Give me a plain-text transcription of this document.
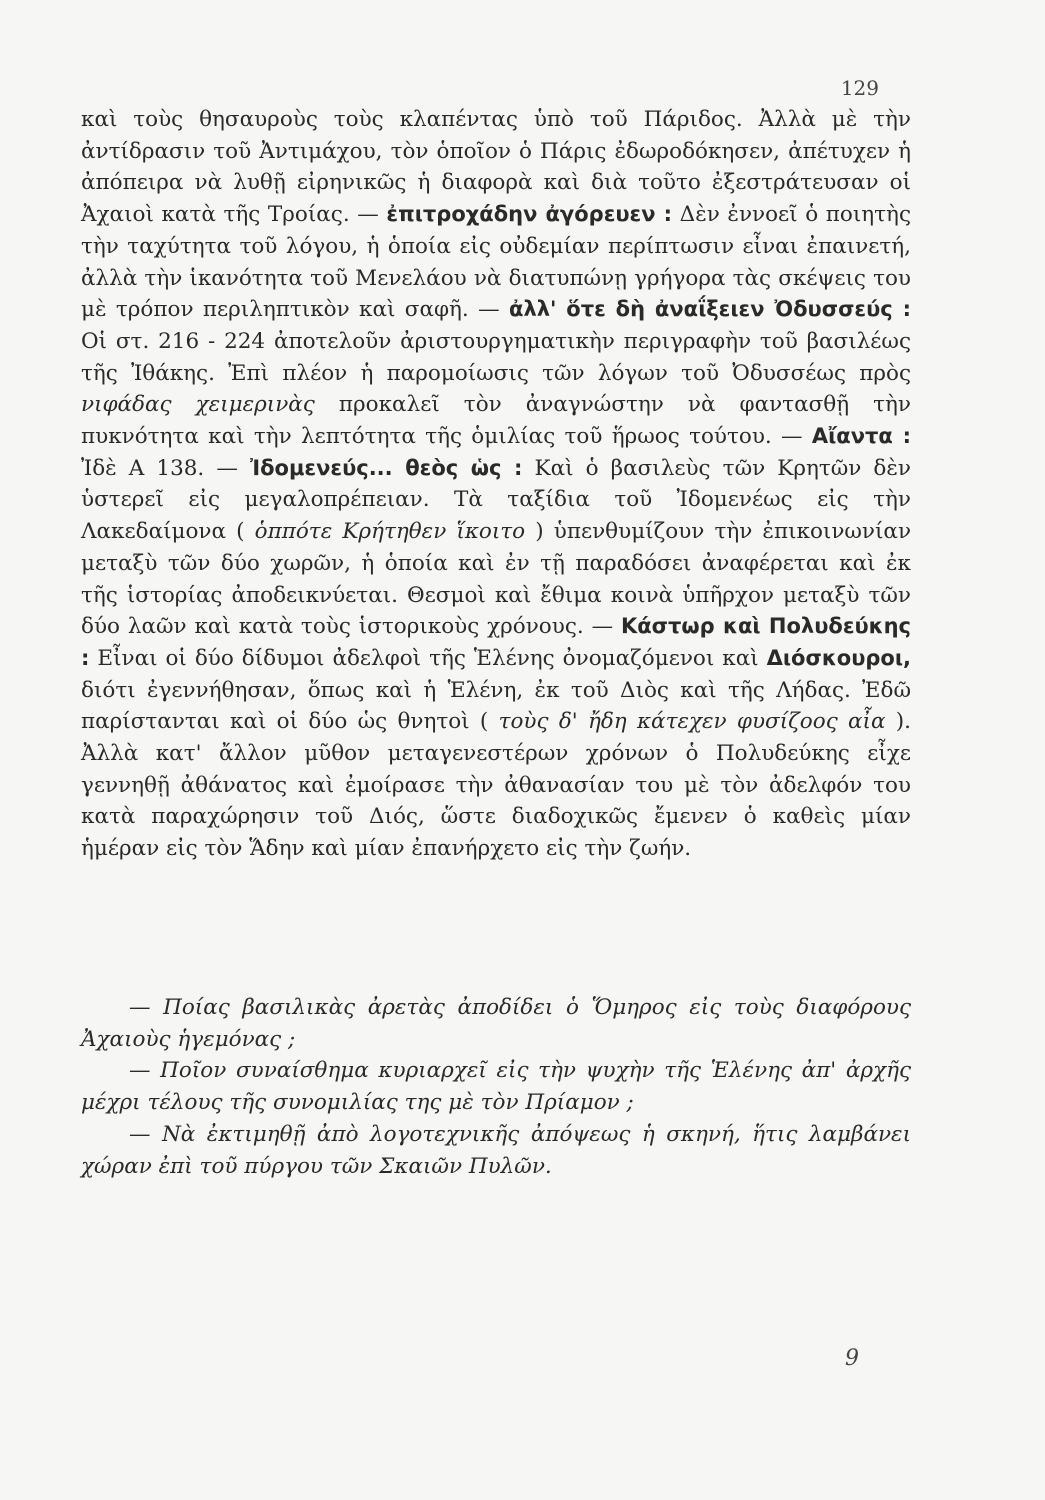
129
καὶ τοὺς θησαυροὺς τοὺς κλαπέντας ὑπὸ τοῦ Πάριδος. Ἀλλὰ μὲ τὴν ἀντίδρασιν τοῦ Ἀντιμάχου, τὸν ὁποῖον ὁ Πάρις ἐδωροδόκησεν, ἀπέτυχεν ἡ ἀπόπειρα νὰ λυθῇ εἰρηνικῶς ἡ διαφορὰ καὶ διὰ τοῦτο ἐξεστράτευσαν οἱ Ἀχαιοὶ κατὰ τῆς Τροίας. — ἐπιτροχάδην ἀγόρευεν : Δὲν ἐννοεῖ ὁ ποιητὴς τὴν ταχύτητα τοῦ λόγου, ἡ ὁποία εἰς οὐδεμίαν περίπτωσιν εἶναι ἐπαινετή, ἀλλὰ τὴν ἱκανότητα τοῦ Μενελάου νὰ διατυπώνῃ γρήγορα τὰς σκέψεις του μὲ τρόπον περιληπτικὸν καὶ σαφῆ. — ἀλλ' ὅτε δὴ ἀναΐξειεν Ὀδυσσεύς : Οἱ στ. 216 - 224 ἀποτελοῦν ἀριστουργηματικὴν περιγραφὴν τοῦ βασιλέως τῆς Ἰθάκης. Ἐπὶ πλέον ἡ παρομοίωσις τῶν λόγων τοῦ Ὀδυσσέως πρὸς νιφάδας χειμερινὰς προκαλεῖ τὸν ἀναγνώστην νὰ φαντασθῇ τὴν πυκνότητα καὶ τὴν λεπτότητα τῆς ὁμιλίας τοῦ ἥρωος τούτου. — Αἴαντα : Ἰδὲ Α 138. — Ἰδομενεύς... θεὸς ὡς : Καὶ ὁ βασιλεὺς τῶν Κρητῶν δὲν ὑστερεῖ εἰς μεγαλοπρέπειαν. Τὰ ταξίδια τοῦ Ἰδομενέως εἰς τὴν Λακεδαίμονα ( ὁππότε Κρήτηθεν ἵκοιτο ) ὑπενθυμίζουν τὴν ἐπικοινωνίαν μεταξὺ τῶν δύο χωρῶν, ἡ ὁποία καὶ ἐν τῇ παραδόσει ἀναφέρεται καὶ ἐκ τῆς ἱστορίας ἀποδεικνύεται. Θεσμοὶ καὶ ἔθιμα κοινὰ ὑπῆρχον μεταξὺ τῶν δύο λαῶν καὶ κατὰ τοὺς ἱστορικοὺς χρόνους. — Κάστωρ καὶ Πολυδεύκης : Εἶναι οἱ δύο δίδυμοι ἀδελφοὶ τῆς Ἑλένης ὀνομαζόμενοι καὶ Διόσκουροι, διότι ἐγεννήθησαν, ὅπως καὶ ἡ Ἑλένη, ἐκ τοῦ Διὸς καὶ τῆς Λήδας. Ἐδῶ παρίστανται καὶ οἱ δύο ὡς θνητοὶ ( τοὺς δ' ἤδη κάτεχεν φυσίζοος αἶα ). Ἀλλὰ κατ' ἄλλον μῦθον μεταγενεστέρων χρόνων ὁ Πολυδεύκης εἶχε γεννηθῇ ἀθάνατος καὶ ἐμοίρασε τὴν ἀθανασίαν του μὲ τὸν ἀδελφόν του κατὰ παραχώρησιν τοῦ Διός, ὥστε διαδοχικῶς ἔμενεν ὁ καθεὶς μίαν ἡμέραν εἰς τὸν Ἅδην καὶ μίαν ἐπανήρχετο εἰς τὴν ζωήν.

— Ποίας βασιλικὰς ἀρετὰς ἀποδίδει ὁ Ὅμηρος εἰς τοὺς διαφόρους Ἀχαιοὺς ἡγεμόνας ;

— Ποῖον συναίσθημα κυριαρχεῖ εἰς τὴν ψυχὴν τῆς Ἑλένης ἀπ' ἀρχῆς μέχρι τέλους τῆς συνομιλίας της μὲ τὸν Πρίαμον ;

— Νὰ ἐκτιμηθῇ ἀπὸ λογοτεχνικῆς ἀπόψεως ἡ σκηνή, ἥτις λαμβάνει χώραν ἐπὶ τοῦ πύργου τῶν Σκαιῶν Πυλῶν.

9
